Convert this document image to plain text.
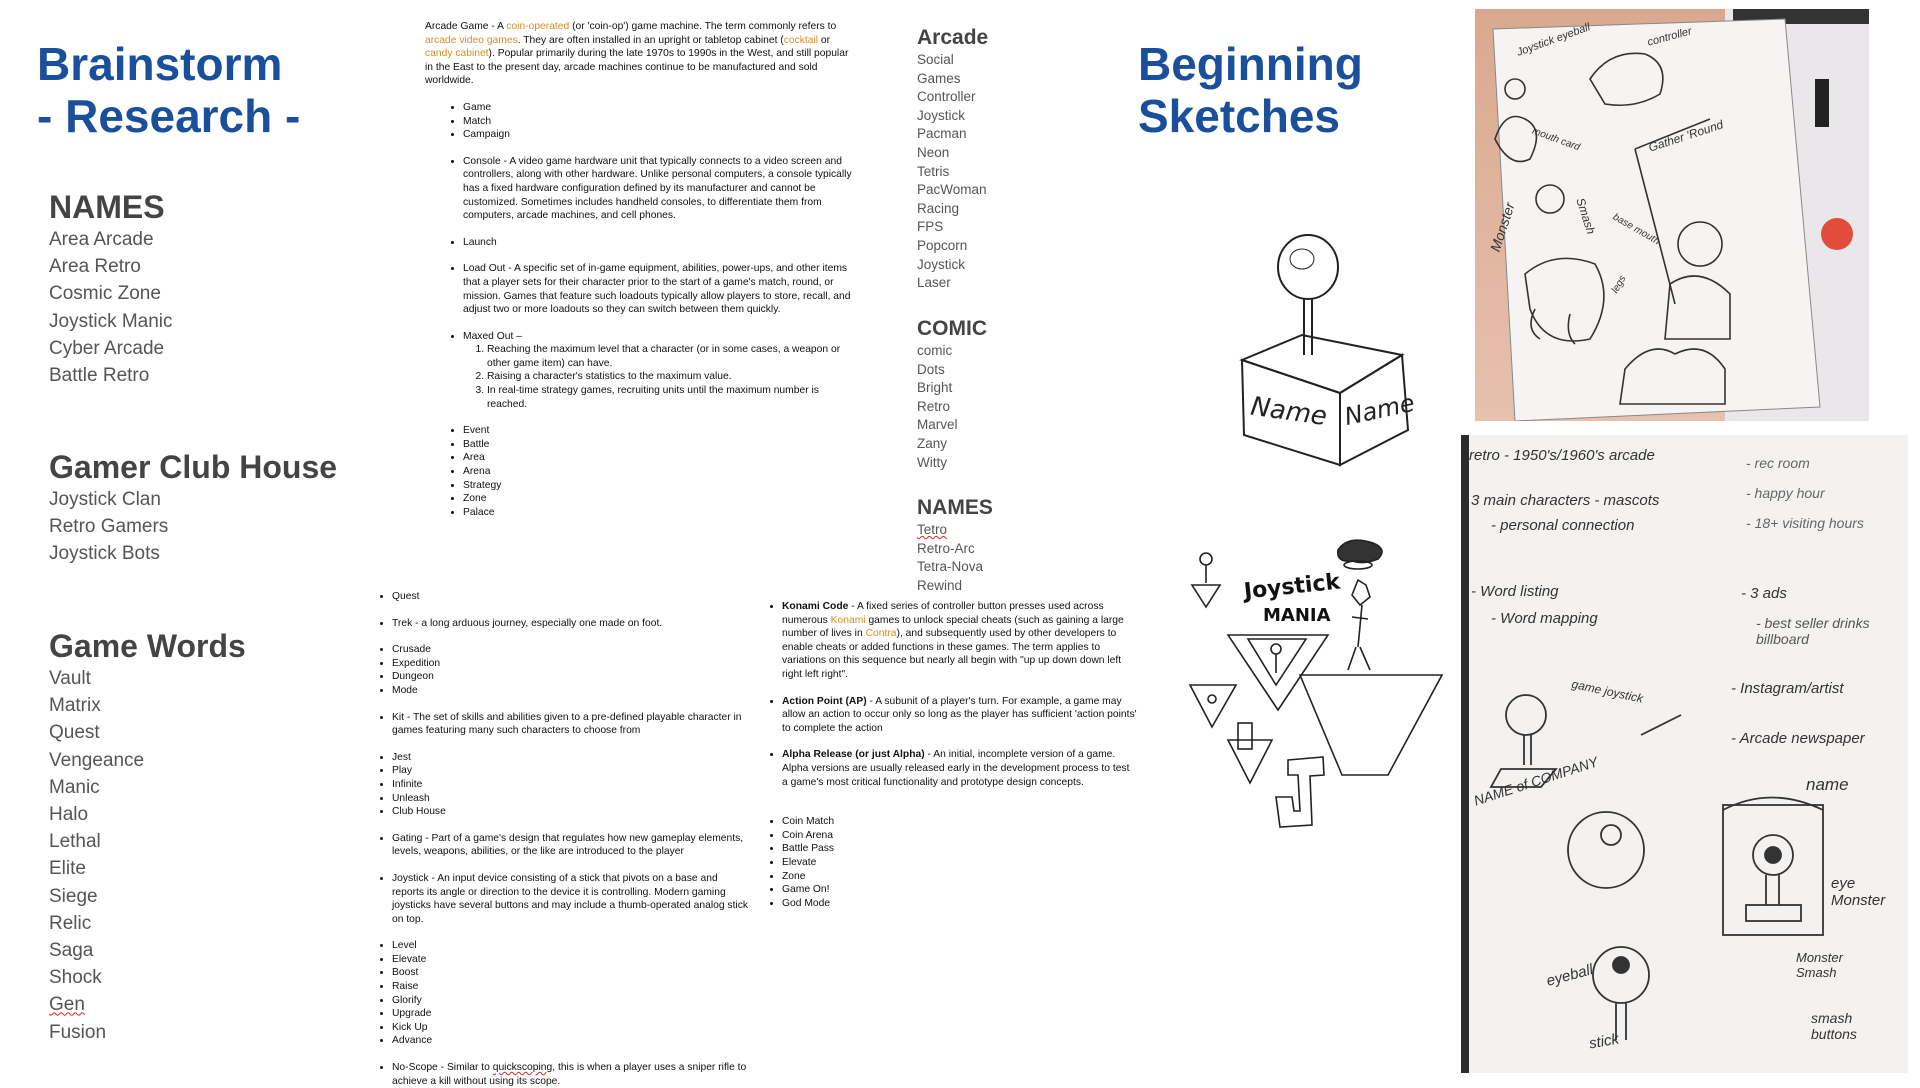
Brainstorm
- Research -
NAMES
Area Arcade
Area Retro
Cosmic Zone
Joystick Manic
Cyber Arcade
Battle Retro
Gamer Club House
Joystick Clan
Retro Gamers
Joystick Bots
Game Words
Vault
Matrix
Quest
Vengeance
Manic
Halo
Lethal
Elite
Siege
Relic
Saga
Shock
Gen
Fusion

Arcade Game - A coin-operated (or 'coin-op') game machine. The term commonly refers to arcade video games. They are often installed in an upright or tabletop cabinet (cocktail or candy cabinet). Popular primarily during the late 1970s to 1990s in the West, and still popular in the East to the present day, arcade machines continue to be manufactured and sold worldwide.

• Game
• Match
• Campaign
• Console - A video game hardware unit that typically connects to a video screen and controllers, along with other hardware. Unlike personal computers, a console typically has a fixed hardware configuration defined by its manufacturer and cannot be customized. Sometimes includes handheld consoles, to differentiate them from computers, arcade machines, and cell phones.
• Launch
• Load Out - A specific set of in-game equipment, abilities, power-ups, and other items that a player sets for their character prior to the start of a game's match, round, or mission. Games that feature such loadouts typically allow players to store, recall, and adjust two or more loadouts so they can switch between them quickly.
• Maxed Out –
1. Reaching the maximum level that a character (or in some cases, a weapon or other game item) can have.
2. Raising a character's statistics to the maximum value.
3. In real-time strategy games, recruiting units until the maximum number is reached.
• Event
• Battle
• Area
• Arena
• Strategy
• Zone
• Palace
• Quest
• Trek - a long arduous journey, especially one made on foot.
• Crusade
• Expedition
• Dungeon
• Mode
• Kit - The set of skills and abilities given to a pre-defined playable character in games featuring many such characters to choose from
• Jest
• Play
• Infinite
• Unleash
• Club House
• Gating - Part of a game's design that regulates how new gameplay elements, levels, weapons, abilities, or the like are introduced to the player
• Joystick - An input device consisting of a stick that pivots on a base and reports its angle or direction to the device it is controlling. Modern gaming joysticks have several buttons and may include a thumb-operated analog stick on top.
• Level
• Elevate
• Boost
• Raise
• Glorify
• Upgrade
• Kick Up
• Advance
• No-Scope - Similar to quickscoping, this is when a player uses a sniper rifle to achieve a kill without using its scope.
• Konami Code - A fixed series of controller button presses used across numerous Konami games to unlock special cheats (such as gaining a large number of lives in Contra), and subsequently used by other developers to enable cheats or added functions in these games. The term applies to variations on this sequence but nearly all begin with "up up down down left right left right".
• Action Point (AP) - A subunit of a player's turn. For example, a game may allow an action to occur only so long as the player has sufficient 'action points' to complete the action
• Alpha Release (or just Alpha) - An initial, incomplete version of a game. Alpha versions are usually released early in the development process to test a game's most critical functionality and prototype design concepts.
• Coin Match
• Coin Arena
• Battle Pass
• Elevate
• Zone
• Game On!
• God Mode
Arcade
Social
Games
Controller
Joystick
Pacman
Neon
Tetris
PacWoman
Racing
FPS
Popcorn
Joystick
Laser
COMIC
comic
Dots
Bright
Retro
Marvel
Zany
Witty
NAMES
Tetro
Retro-Arc
Tetra-Nova
Rewind
Beginning
Sketches
Name Name
Joystick
MANIA
Joystick eyeball	controller
mouth card	Gather 'Round
Monster	Smash base mouth
legs
retro - 1950's/1960's arcade
3 main characters - mascots
- personal connection
- rec room
- happy hour
- 18+ visiting hours
- Word listing
- Word mapping
- 3 ads
- best seller drinks billboard
game joystick	- Instagram/artist
- Arcade newspaper
NAME of COMPANY	name
eye Monster
Monster Smash
eyeball
stick
smash buttons
